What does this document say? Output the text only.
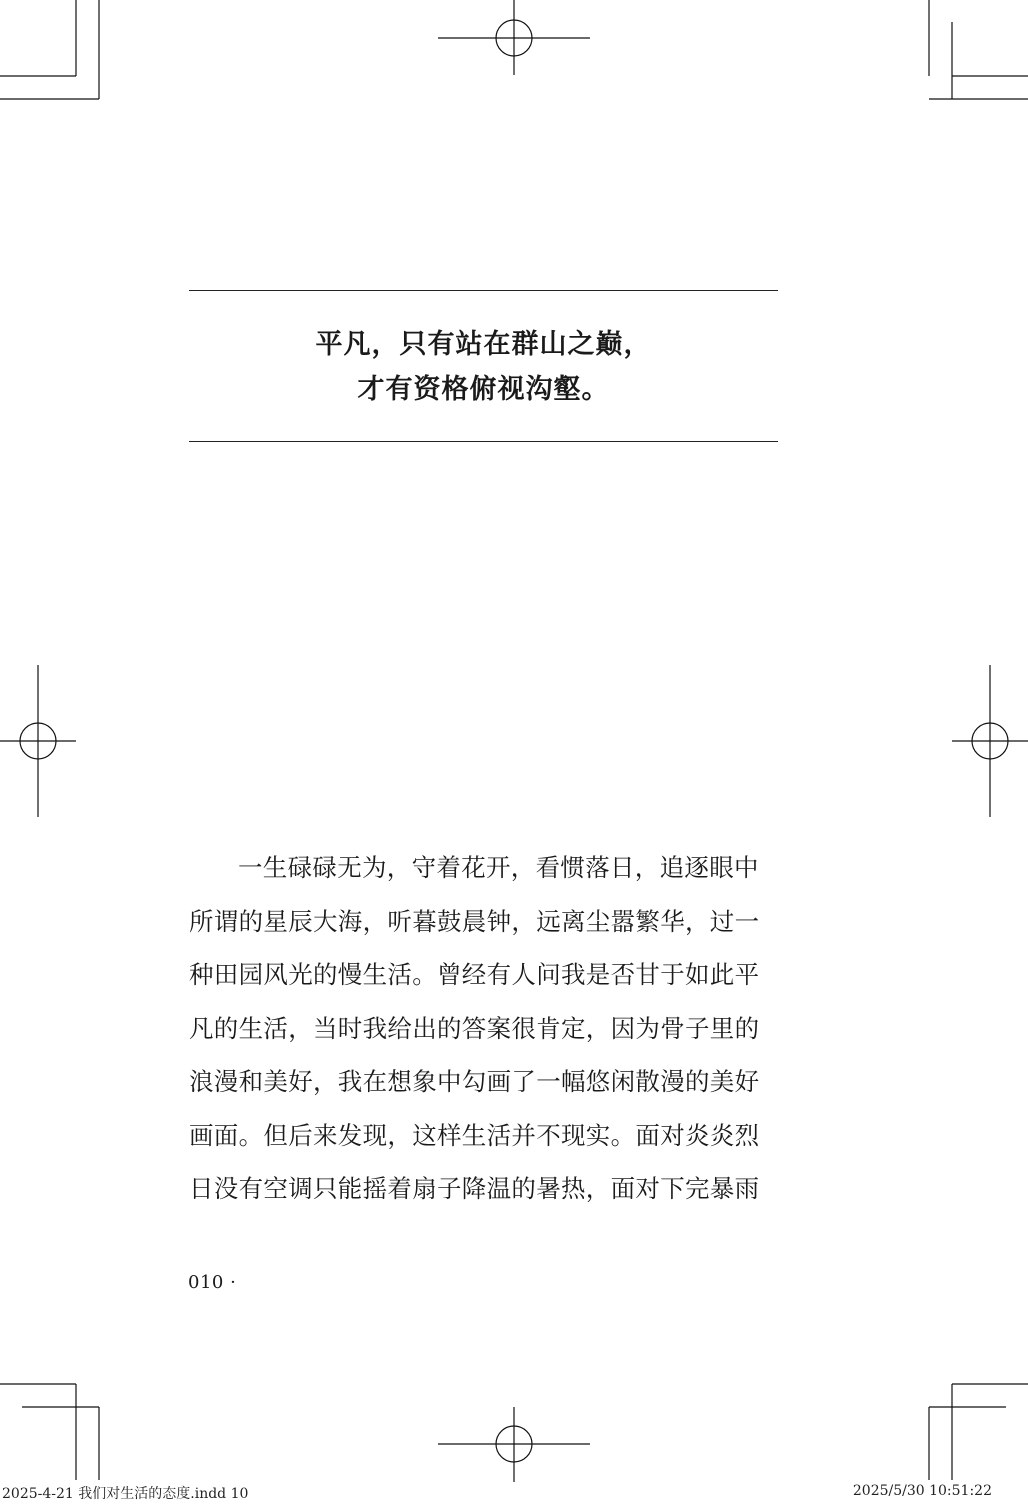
平凡，只有站在群山之巅，
才有资格俯视沟壑。
一生碌碌无为，守着花开，看惯落日，追逐眼中
所谓的星辰大海，听暮鼓晨钟，远离尘嚣繁华，过一
种田园风光的慢生活。曾经有人问我是否甘于如此平
凡的生活，当时我给出的答案很肯定，因为骨子里的
浪漫和美好，我在想象中勾画了一幅悠闲散漫的美好
画面。但后来发现，这样生活并不现实。面对炎炎烈
日没有空调只能摇着扇子降温的暑热，面对下完暴雨
010 ·
2025-4-21 我们对生活的态度.indd 10	2025/5/30 10:51:22
